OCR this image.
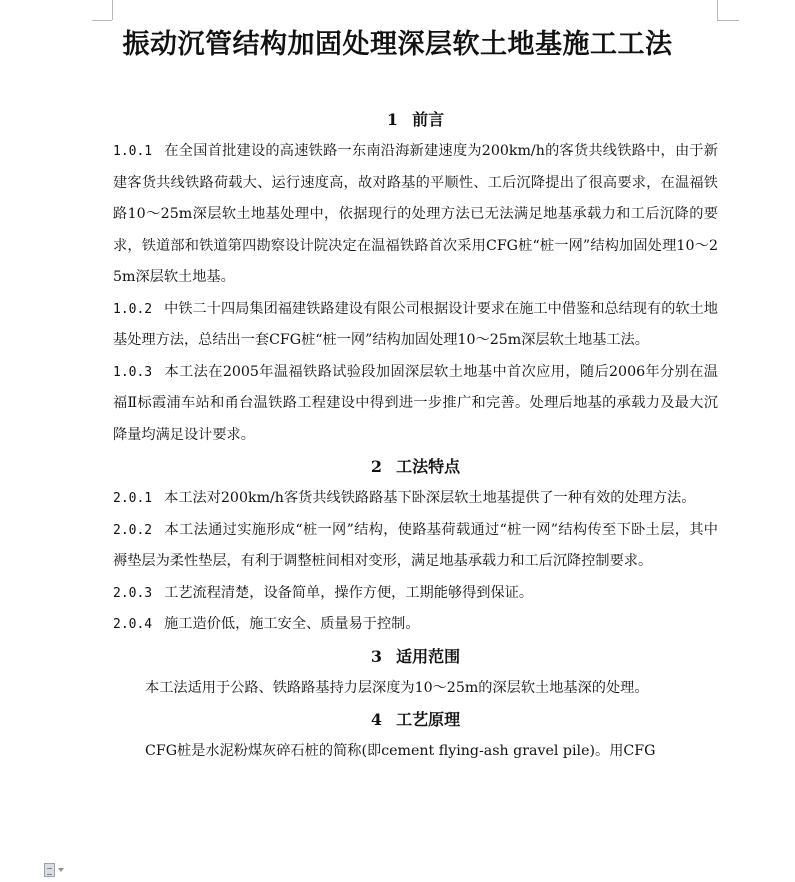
振动沉管结构加固处理深层软土地基施工工法
1 前言

1.0.1 在全国首批建设的高速铁路一东南沿海新建速度为200km/h的客货共线铁路中，由于新建客货共线铁路荷载大、运行速度高，故对路基的平顺性、工后沉降提出了很高要求，在温福铁路10～25m深层软土地基处理中，依据现行的处理方法已无法满足地基承载力和工后沉降的要求，铁道部和铁道第四勘察设计院决定在温福铁路首次采用CFG桩“桩一网”结构加固处理10～25m深层软土地基。

1.0.2 中铁二十四局集团福建铁路建设有限公司根据设计要求在施工中借鉴和总结现有的软土地基处理方法，总结出一套CFG桩“桩一网”结构加固处理10～25m深层软土地基工法。

1.0.3 本工法在2005年温福铁路试验段加固深层软土地基中首次应用，随后2006年分别在温福Ⅱ标霞浦车站和甬台温铁路工程建设中得到进一步推广和完善。处理后地基的承载力及最大沉降量均满足设计要求。

2 工法特点

2.0.1 本工法对200km/h客货共线铁路路基下卧深层软土地基提供了一种有效的处理方法。

2.0.2 本工法通过实施形成“桩一网”结构，使路基荷载通过“桩一网”结构传至下卧土层，其中褥垫层为柔性垫层，有利于调整桩间相对变形，满足地基承载力和工后沉降控制要求。

2.0.3 工艺流程清楚，设备简单，操作方便，工期能够得到保证。

2.0.4 施工造价低，施工安全、质量易于控制。

3 适用范围

本工法适用于公路、铁路路基持力层深度为10～25m的深层软土地基深的处理。

4 工艺原理

CFG桩是水泥粉煤灰碎石桩的简称(即cement flying-ash gravel pile)。用CFG
